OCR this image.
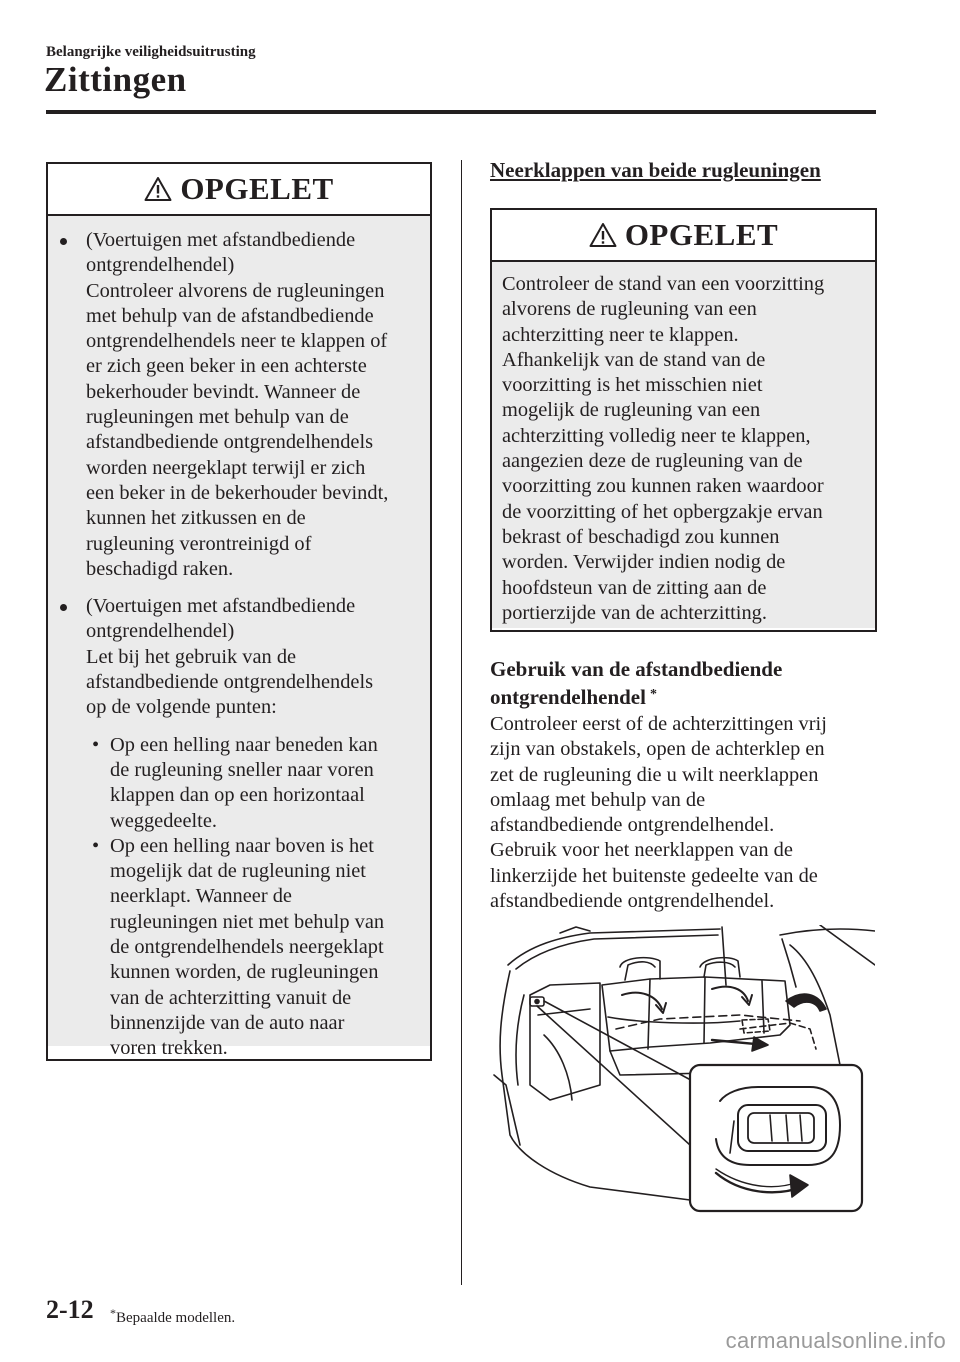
Belangrijke veiligheidsuitrusting
Zittingen
OPGELET
(Voertuigen met afstandbediende
ontgrendelhendel)
Controleer alvorens de rugleuningen
met behulp van de afstandbediende
ontgrendelhendels neer te klappen of
er zich geen beker in een achterste
bekerhouder bevindt. Wanneer de
rugleuningen met behulp van de
afstandbediende ontgrendelhendels
worden neergeklapt terwijl er zich
een beker in de bekerhouder bevindt,
kunnen het zitkussen en de
rugleuning verontreinigd of
beschadigd raken.
(Voertuigen met afstandbediende
ontgrendelhendel)
Let bij het gebruik van de
afstandbediende ontgrendelhendels
op de volgende punten:
• Op een helling naar beneden kan
de rugleuning sneller naar voren
klappen dan op een horizontaal
weggedeelte.
• Op een helling naar boven is het
mogelijk dat de rugleuning niet
neerklapt. Wanneer de
rugleuningen niet met behulp van
de ontgrendelhendels neergeklapt
kunnen worden, de rugleuningen
van de achterzitting vanuit de
binnenzijde van de auto naar
voren trekken.
Neerklappen van beide rugleuningen
OPGELET
Controleer de stand van een voorzitting
alvorens de rugleuning van een
achterzitting neer te klappen.
Afhankelijk van de stand van de
voorzitting is het misschien niet
mogelijk de rugleuning van een
achterzitting volledig neer te klappen,
aangezien deze de rugleuning van de
voorzitting zou kunnen raken waardoor
de voorzitting of het opbergzakje ervan
bekrast of beschadigd zou kunnen
worden. Verwijder indien nodig de
hoofdsteun van de zitting aan de
portierzijde van de achterzitting.
Gebruik van de afstandbediende
ontgrendelhendel *
Controleer eerst of de achterzittingen vrij
zijn van obstakels, open de achterklep en
zet de rugleuning die u wilt neerklappen
omlaag met behulp van de
afstandbediende ontgrendelhendel.
Gebruik voor het neerklappen van de
linkerzijde het buitenste gedeelte van de
afstandbediende ontgrendelhendel.
2-12 *Bepaalde modellen.
carmanualsonline.info
